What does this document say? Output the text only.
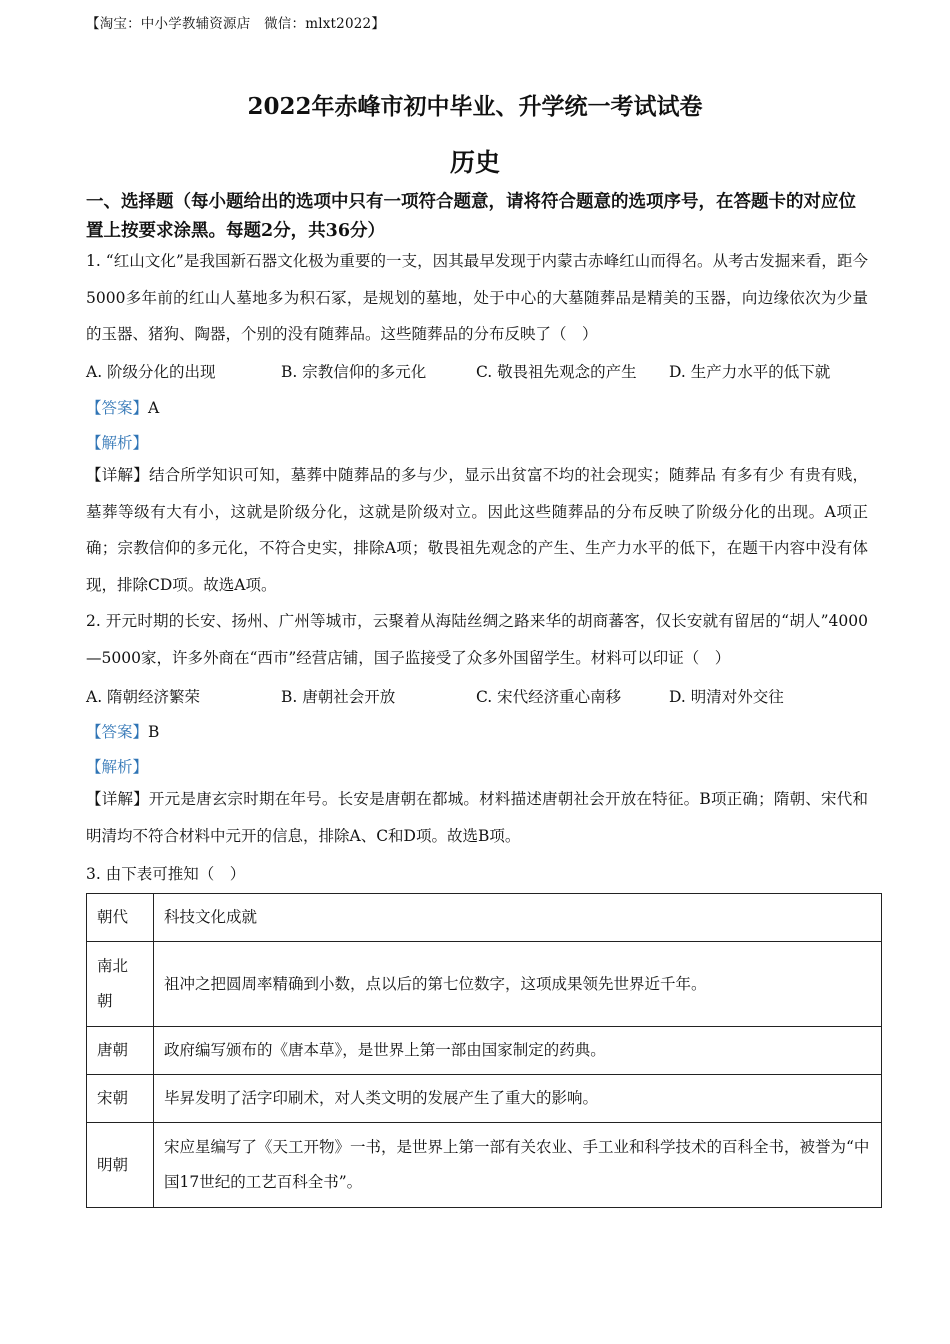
【淘宝：中小学教辅资源店　微信：mlxt2022】
2022年赤峰市初中毕业、升学统一考试试卷
历史
一、选择题（每小题给出的选项中只有一项符合题意，请将符合题意的选项序号，在答题卡的对应位置上按要求涂黑。每题2分，共36分）
1. “红山文化”是我国新石器文化极为重要的一支，因其最早发现于内蒙古赤峰红山而得名。从考古发掘来看，距今5000多年前的红山人墓地多为积石冢，是规划的墓地，处于中心的大墓随葬品是精美的玉器，向边缘依次为少量的玉器、猪狗、陶器，个别的没有随葬品。这些随葬品的分布反映了（　）
A. 阶级分化的出现	B. 宗教信仰的多元化	C. 敬畏祖先观念的产生 D. 生产力水平的低下就
【答案】A
【解析】
【详解】结合所学知识可知，墓葬中随葬品的多与少，显示出贫富不均的社会现实；随葬品 有多有少 有贵有贱，墓葬等级有大有小，这就是阶级分化，这就是阶级对立。因此这些随葬品的分布反映了阶级分化的出现。A项正确；宗教信仰的多元化，不符合史实，排除A项；敬畏祖先观念的产生、生产力水平的低下，在题干内容中没有体现，排除CD项。故选A项。
2. 开元时期的长安、扬州、广州等城市，云聚着从海陆丝绸之路来华的胡商蕃客，仅长安就有留居的“胡人”4000—5000家，许多外商在“西市”经营店铺，国子监接受了众多外国留学生。材料可以印证（　）
A. 隋朝经济繁荣	B. 唐朝社会开放	C. 宋代经济重心南移	D. 明清对外交往
【答案】B
【解析】
【详解】开元是唐玄宗时期在年号。长安是唐朝在都城。材料描述唐朝社会开放在特征。B项正确；隋朝、宋代和明清均不符合材料中元开的信息，排除A、C和D项。故选B项。
3. 由下表可推知（　）
朝代	科技文化成就
南北朝	祖冲之把圆周率精确到小数，点以后的第七位数字，这项成果领先世界近千年。
唐朝	政府编写颁布的《唐本草》，是世界上第一部由国家制定的药典。
宋朝	毕昇发明了活字印刷术，对人类文明的发展产生了重大的影响。
明朝	宋应星编写了《天工开物》一书，是世界上第一部有关农业、手工业和科学技术的百科全书，被誉为“中国17世纪的工艺百科全书”。
